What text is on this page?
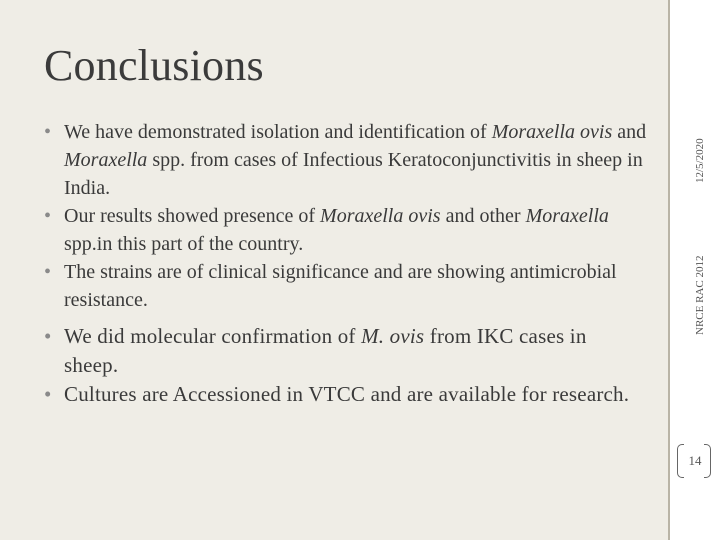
Conclusions
• We have demonstrated isolation and identification of Moraxella ovis and Moraxella spp. from cases of Infectious Keratoconjunctivitis in sheep in India.
• Our results showed presence of Moraxella ovis and other Moraxella spp.in this part of the country.
• The strains are of clinical significance and are showing antimicrobial resistance.
• We did molecular confirmation of M. ovis from IKC cases in sheep.
• Cultures are Accessioned in VTCC and are available for research.
12/5/2020
NRCE RAC 2012
14
